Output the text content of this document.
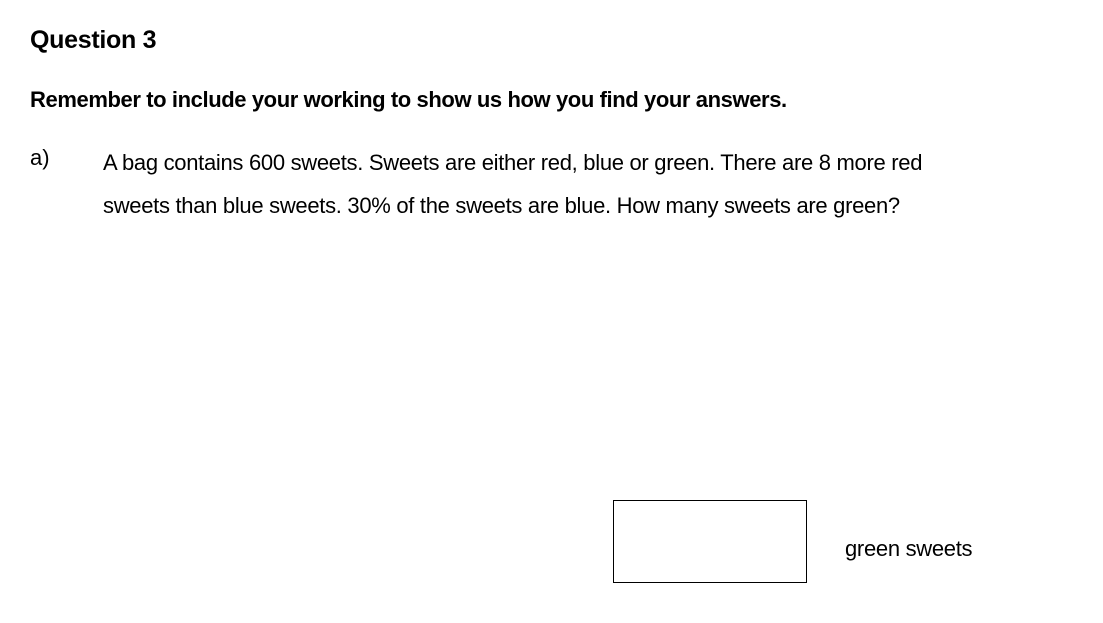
Question 3
Remember to include your working to show us how you find your answers.
a) A bag contains 600 sweets. Sweets are either red, blue or green. There are 8 more red
sweets than blue sweets. 30% of the sweets are blue. How many sweets are green?
green sweets
